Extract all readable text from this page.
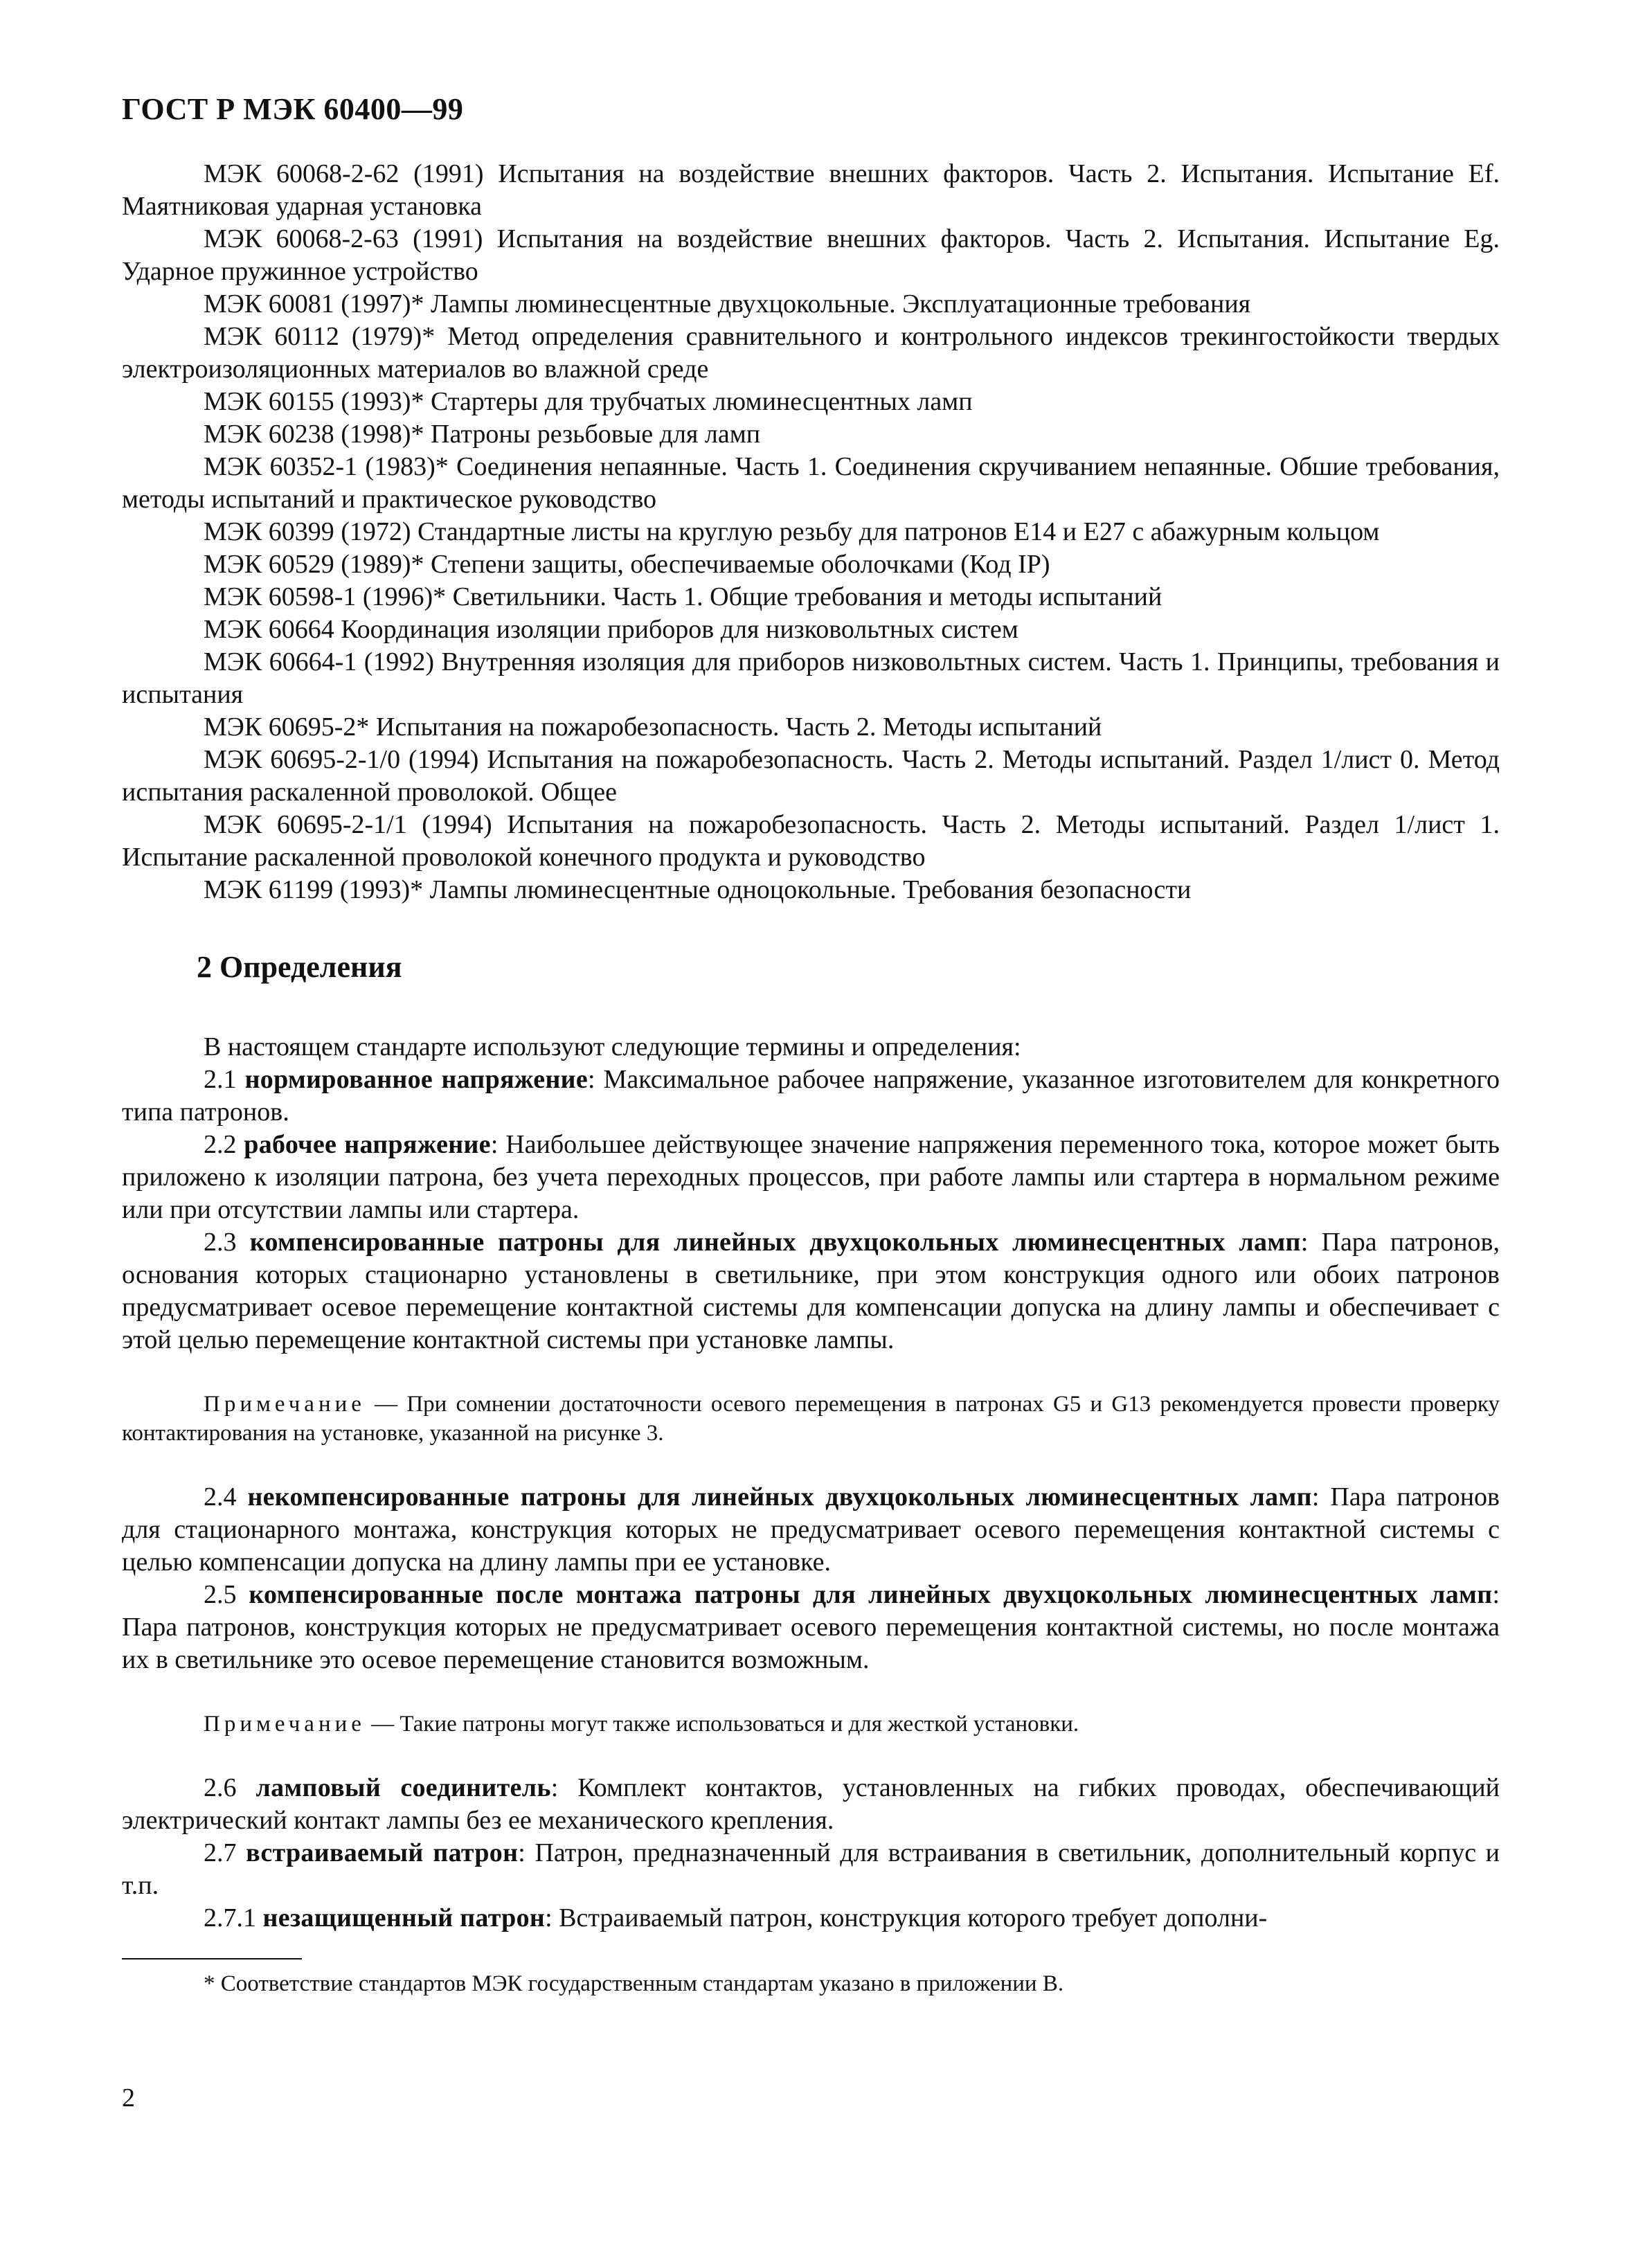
ГОСТ Р МЭК 60400—99

МЭК 60068-2-62 (1991) Испытания на воздействие внешних факторов. Часть 2. Испытания. Испытание Ef. Маятниковая ударная установка

МЭК 60068-2-63 (1991) Испытания на воздействие внешних факторов. Часть 2. Испытания. Испытание Eg. Ударное пружинное устройство

МЭК 60081 (1997)* Лампы люминесцентные двухцокольные. Эксплуатационные требования

МЭК 60112 (1979)* Метод определения сравнительного и контрольного индексов трекингостойкости твердых электроизоляционных материалов во влажной среде

МЭК 60155 (1993)* Стартеры для трубчатых люминесцентных ламп

МЭК 60238 (1998)* Патроны резьбовые для ламп

МЭК 60352-1 (1983)* Соединения непаянные. Часть 1. Соединения скручиванием непаянные. Обшие требования, методы испытаний и практическое руководство

МЭК 60399 (1972) Стандартные листы на круглую резьбу для патронов Е14 и Е27 с абажурным кольцом

МЭК 60529 (1989)* Степени защиты, обеспечиваемые оболочками (Код IP)

МЭК 60598-1 (1996)* Светильники. Часть 1. Общие требования и методы испытаний

МЭК 60664 Координация изоляции приборов для низковольтных систем

МЭК 60664-1 (1992) Внутренняя изоляция для приборов низковольтных систем. Часть 1. Принципы, требования и испытания

МЭК 60695-2* Испытания на пожаробезопасность. Часть 2. Методы испытаний

МЭК 60695-2-1/0 (1994) Испытания на пожаробезопасность. Часть 2. Методы испытаний. Раздел 1/лист 0. Метод испытания раскаленной проволокой. Общее

МЭК 60695-2-1/1 (1994) Испытания на пожаробезопасность. Часть 2. Методы испытаний. Раздел 1/лист 1. Испытание раскаленной проволокой конечного продукта и руководство

МЭК 61199 (1993)* Лампы люминесцентные одноцокольные. Требования безопасности

2 Определения

В настоящем стандарте используют следующие термины и определения:

2.1 нормированное напряжение: Максимальное рабочее напряжение, указанное изготовителем для конкретного типа патронов.

2.2 рабочее напряжение: Наибольшее действующее значение напряжения переменного тока, которое может быть приложено к изоляции патрона, без учета переходных процессов, при работе лампы или стартера в нормальном режиме или при отсутствии лампы или стартера.

2.3 компенсированные патроны для линейных двухцокольных люминесцентных ламп: Пара патронов, основания которых стационарно установлены в светильнике, при этом конструкция одного или обоих патронов предусматривает осевое перемещение контактной системы для компенсации допуска на длину лампы и обеспечивает с этой целью перемещение контактной системы при установке лампы.

Примечание — При сомнении достаточности осевого перемещения в патронах G5 и G13 рекомендуется провести проверку контактирования на установке, указанной на рисунке 3.

2.4 некомпенсированные патроны для линейных двухцокольных люминесцентных ламп: Пара патронов для стационарного монтажа, конструкция которых не предусматривает осевого перемещения контактной системы с целью компенсации допуска на длину лампы при ее установке.

2.5 компенсированные после монтажа патроны для линейных двухцокольных люминесцентных ламп: Пара патронов, конструкция которых не предусматривает осевого перемещения контактной системы, но после монтажа их в светильнике это осевое перемещение становится возможным.

Примечание — Такие патроны могут также использоваться и для жесткой установки.

2.6 ламповый соединитель: Комплект контактов, установленных на гибких проводах, обеспечивающий электрический контакт лампы без ее механического крепления.

2.7 встраиваемый патрон: Патрон, предназначенный для встраивания в светильник, дополнительный корпус и т.п.

2.7.1 незащищенный патрон: Встраиваемый патрон, конструкция которого требует дополни-

* Соответствие стандартов МЭК государственным стандартам указано в приложении В.

2
